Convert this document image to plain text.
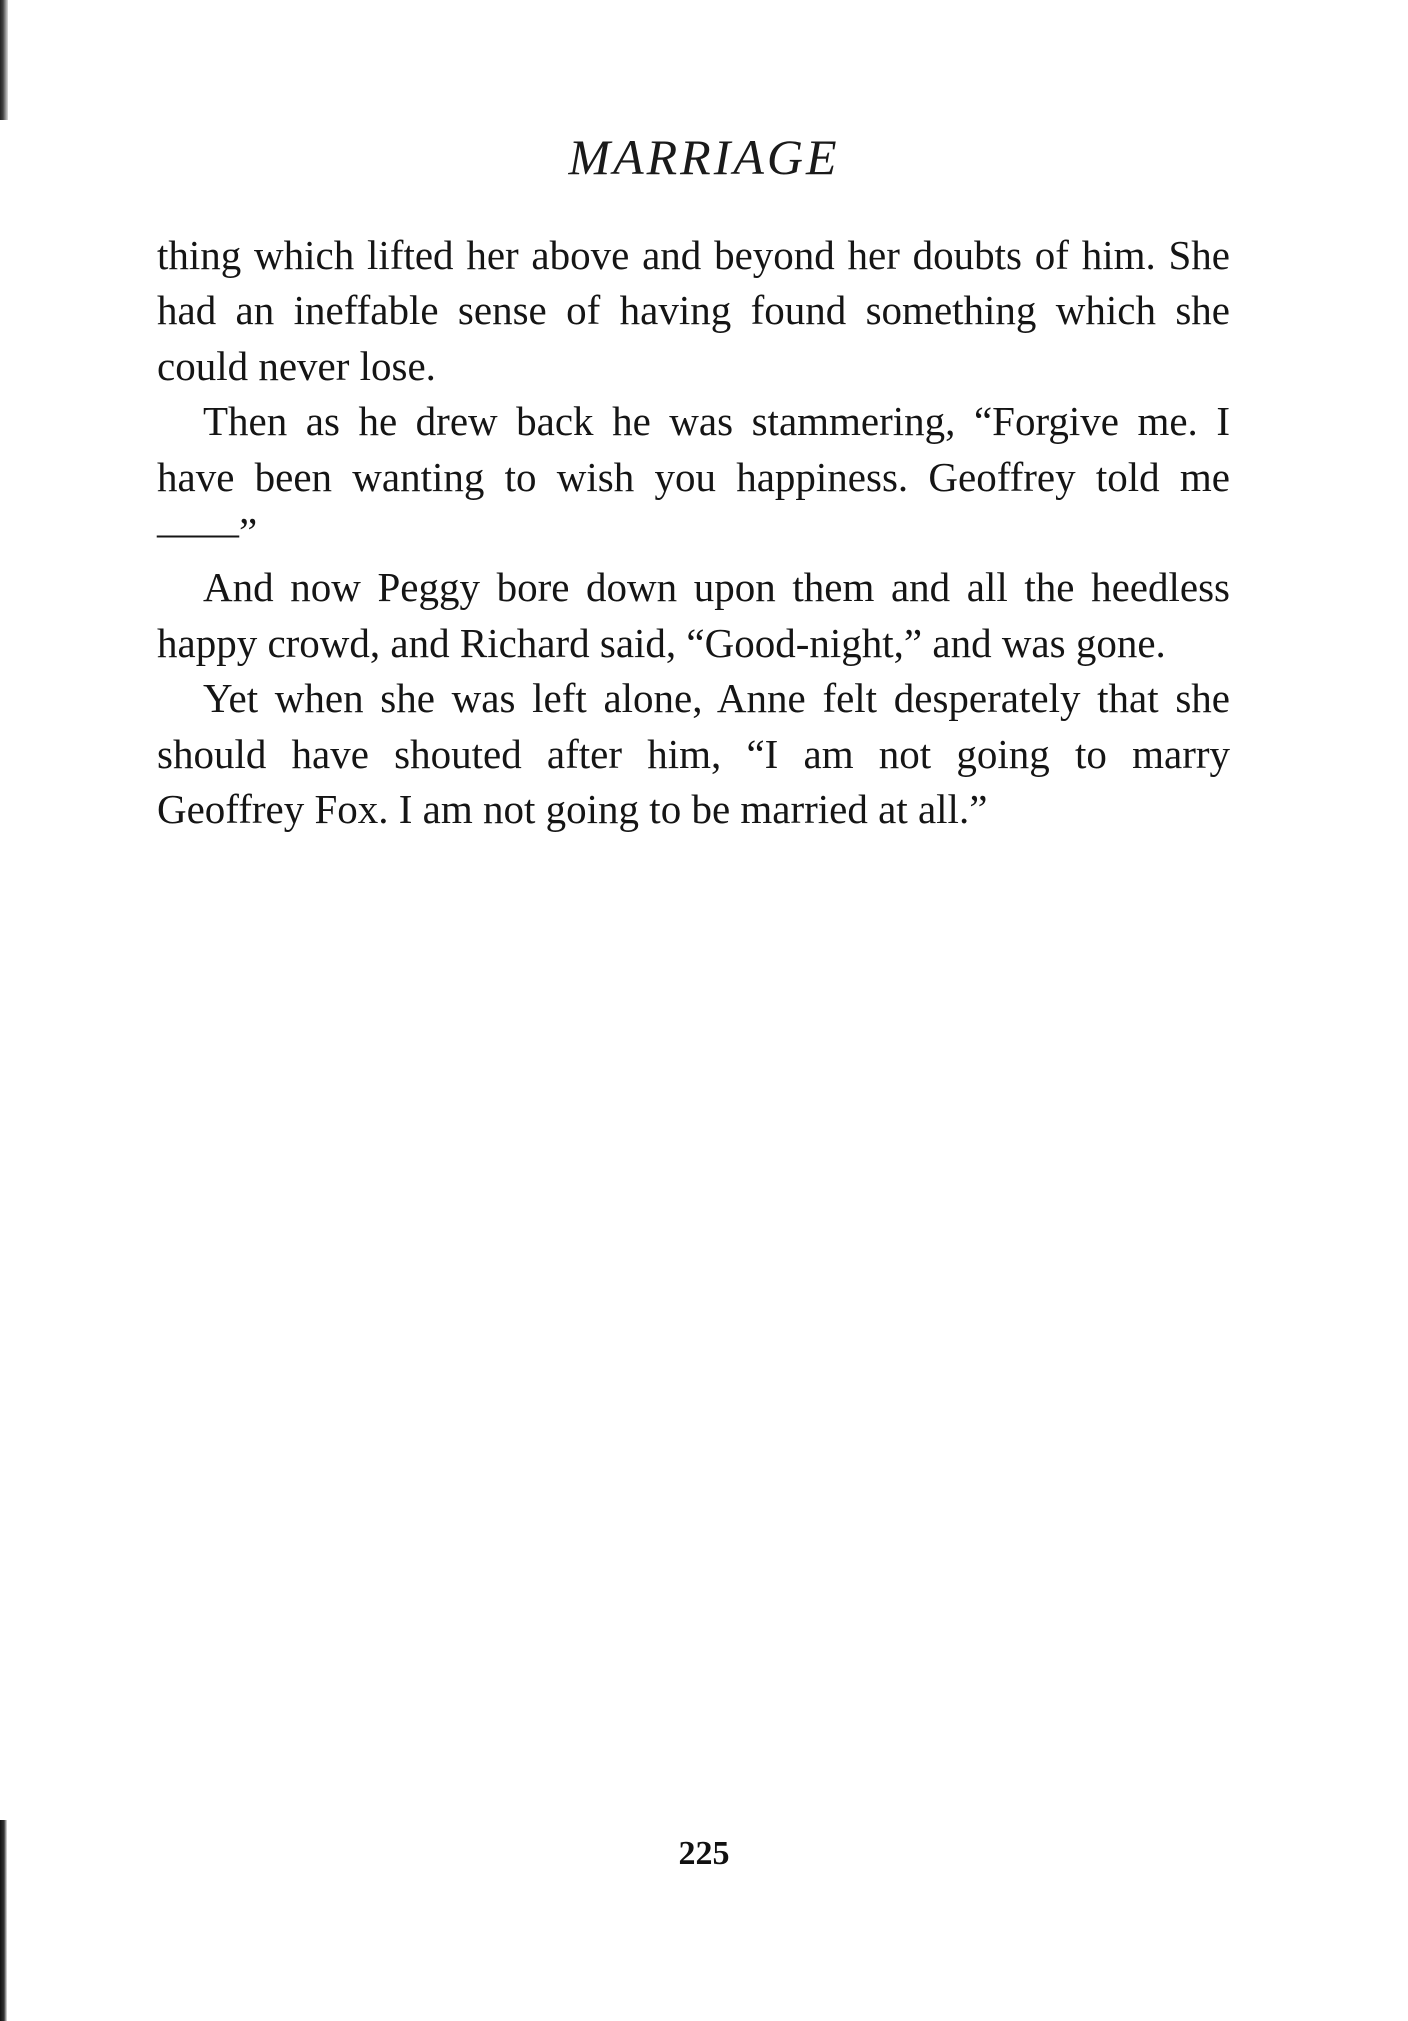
MARRIAGE

thing which lifted her above and beyond her doubts of him. She had an ineffable sense of having found something which she could never lose.

Then as he drew back he was stammering, “Forgive me. I have been wanting to wish you happiness. Geoffrey told me——”

And now Peggy bore down upon them and all the heedless happy crowd, and Richard said, “Good-night,” and was gone.

Yet when she was left alone, Anne felt desperately that she should have shouted after him, “I am not going to marry Geoffrey Fox. I am not going to be married at all.”

225
